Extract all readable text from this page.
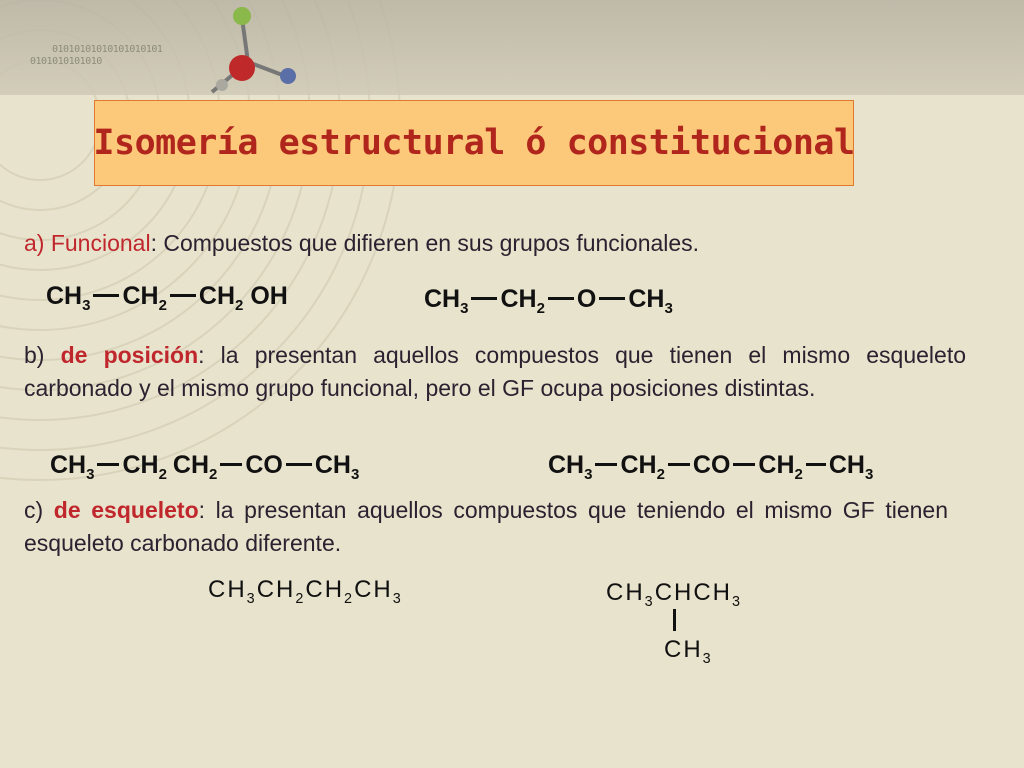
01010101010101010101
0101010101010
Isomería estructural ó constitucional
a) Funcional: Compuestos que difieren en sus grupos funcionales.
$CH_3$ $CH_2$ $CH_2$ OH	$CH_3$ $CH_2$ O $CH_3$
b) de posición: la presentan aquellos compuestos que tienen el mismo esqueleto carbonado y el mismo grupo funcional, pero el GF ocupa posiciones distintas.
$CH_3$ $CH_2$ $CH_2$ CO $CH_3$	$CH_3$ $CH_2$ CO $CH_2$ $CH_3$
c) de esqueleto: la presentan aquellos compuestos que teniendo el mismo GF tienen esqueleto carbonado diferente.
$CH_3CH_2CH_2CH_3$	$CH_3CHCH_3$
$CH_3$
